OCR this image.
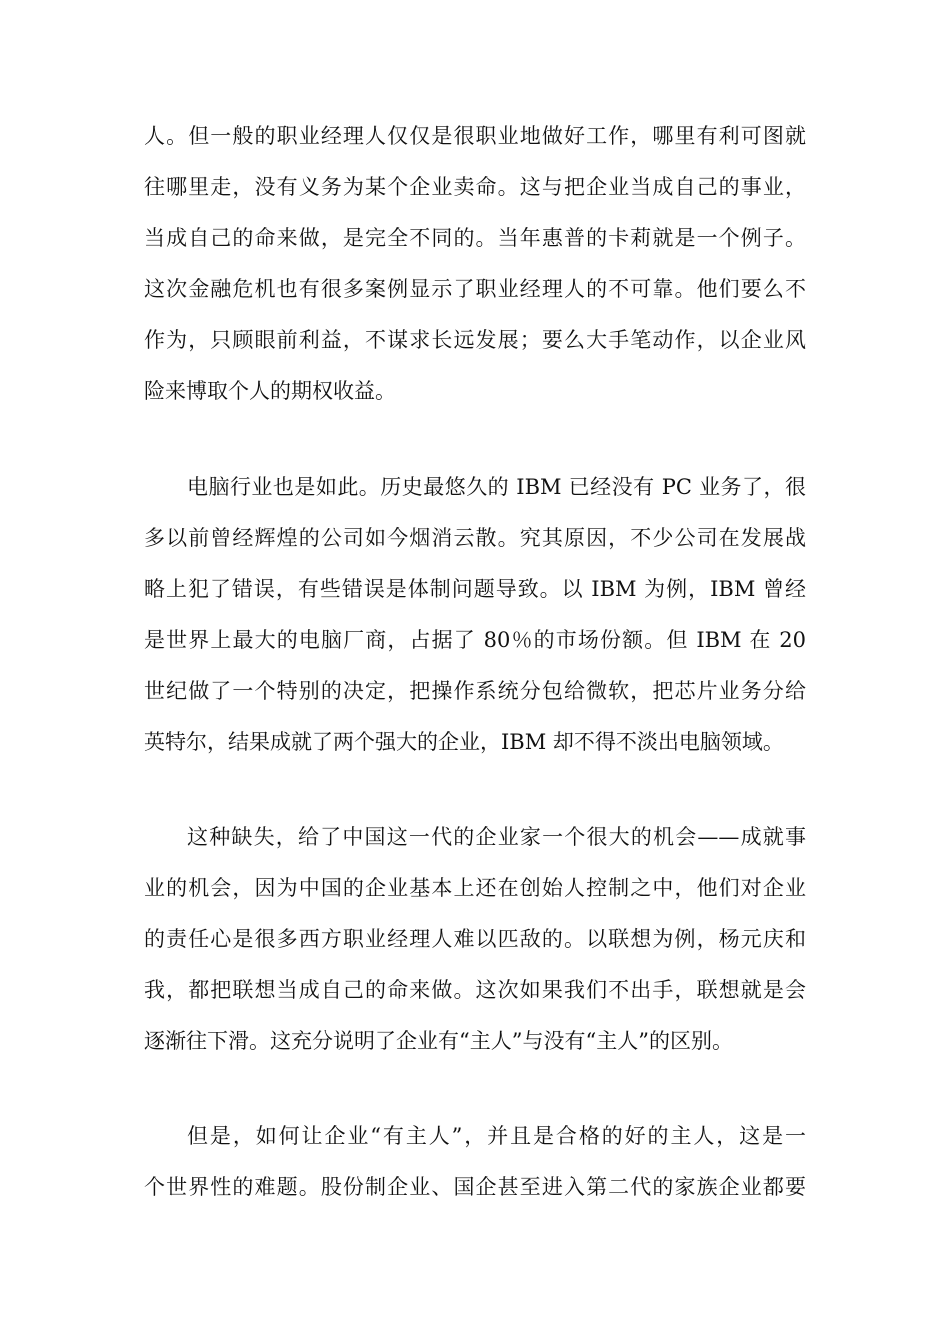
人。但一般的职业经理人仅仅是很职业地做好工作，哪里有利可图就
往哪里走，没有义务为某个企业卖命。这与把企业当成自己的事业，
当成自己的命来做，是完全不同的。当年惠普的卡莉就是一个例子。
这次金融危机也有很多案例显示了职业经理人的不可靠。他们要么不
作为，只顾眼前利益，不谋求长远发展；要么大手笔动作，以企业风
险来博取个人的期权收益。
电脑行业也是如此。历史最悠久的 IBM 已经没有 PC 业务了，很
多以前曾经辉煌的公司如今烟消云散。究其原因，不少公司在发展战
略上犯了错误，有些错误是体制问题导致。以 IBM 为例，IBM 曾经
是世界上最大的电脑厂商，占据了 80％的市场份额。但 IBM 在 20
世纪做了一个特别的决定，把操作系统分包给微软，把芯片业务分给
英特尔，结果成就了两个强大的企业，IBM 却不得不淡出电脑领域。
这种缺失，给了中国这一代的企业家一个很大的机会——成就事
业的机会，因为中国的企业基本上还在创始人控制之中，他们对企业
的责任心是很多西方职业经理人难以匹敌的。以联想为例，杨元庆和
我，都把联想当成自己的命来做。这次如果我们不出手，联想就是会
逐渐往下滑。这充分说明了企业有“主人”与没有“主人”的区别。
但是，如何让企业“有主人”，并且是合格的好的主人，这是一
个世界性的难题。股份制企业、国企甚至进入第二代的家族企业都要
